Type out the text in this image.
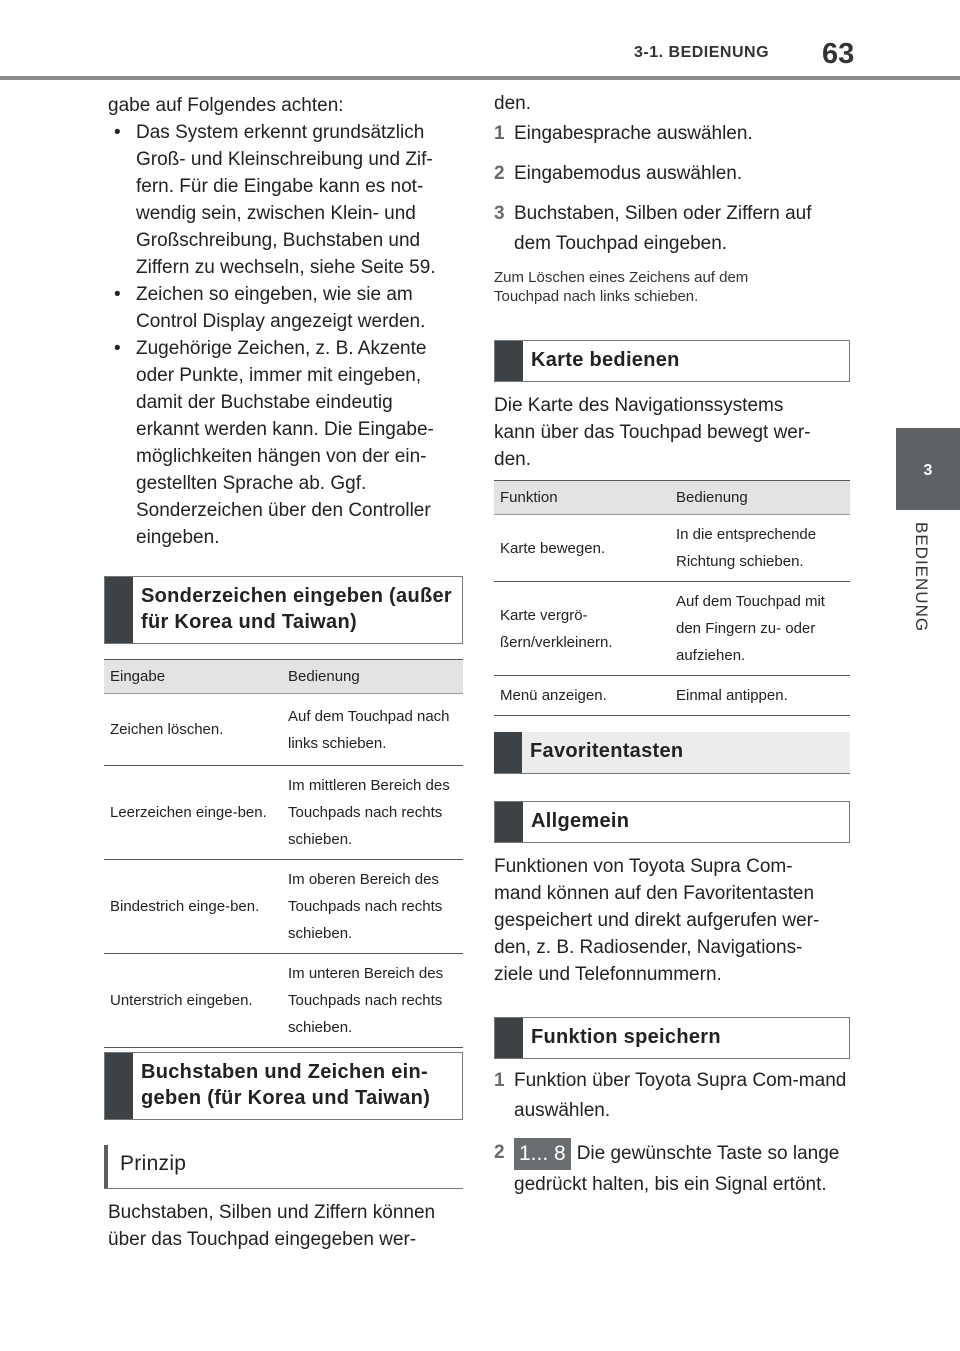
3-1. BEDIENUNG 63
3
BEDIENUNG
gabe auf Folgendes achten:
• Das System erkennt grundsätzlich Groß- und Kleinschreibung und Zif-fern. Für die Eingabe kann es not-wendig sein, zwischen Klein- und Großschreibung, Buchstaben und Ziffern zu wechseln, siehe Seite 59.
• Zeichen so eingeben, wie sie am Control Display angezeigt werden.
• Zugehörige Zeichen, z. B. Akzente oder Punkte, immer mit eingeben, damit der Buchstabe eindeutig erkannt werden kann. Die Eingabe-möglichkeiten hängen von der ein-gestellten Sprache ab. Ggf. Sonderzeichen über den Controller eingeben.
Sonderzeichen eingeben (außer für Korea und Taiwan)
Eingabe	Bedienung
Zeichen löschen.	Auf dem Touchpad nach links schieben.
Leerzeichen einge-ben.	Im mittleren Bereich des Touchpads nach rechts schieben.
Bindestrich einge-ben.	Im oberen Bereich des Touchpads nach rechts schieben.
Unterstrich eingeben.	Im unteren Bereich des Touchpads nach rechts schieben.
Buchstaben und Zeichen ein-geben (für Korea und Taiwan)
Prinzip
Buchstaben, Silben und Ziffern können über das Touchpad eingegeben wer-
den.
1 Eingabesprache auswählen.
2 Eingabemodus auswählen.
3 Buchstaben, Silben oder Ziffern auf dem Touchpad eingeben.
Zum Löschen eines Zeichens auf dem Touchpad nach links schieben.
Karte bedienen
Die Karte des Navigationssystems kann über das Touchpad bewegt wer-den.
Funktion	Bedienung
Karte bewegen.	In die entsprechende Richtung schieben.
Karte vergrö-ßern/verkleinern.	Auf dem Touchpad mit den Fingern zu- oder aufziehen.
Menü anzeigen.	Einmal antippen.
Favoritentasten
Allgemein
Funktionen von Toyota Supra Com-mand können auf den Favoritentasten gespeichert und direkt aufgerufen wer-den, z. B. Radiosender, Navigations-ziele und Telefonnummern.
Funktion speichern
1 Funktion über Toyota Supra Com-mand auswählen.
2 1... 8 Die gewünschte Taste so lange gedrückt halten, bis ein Signal ertönt.
